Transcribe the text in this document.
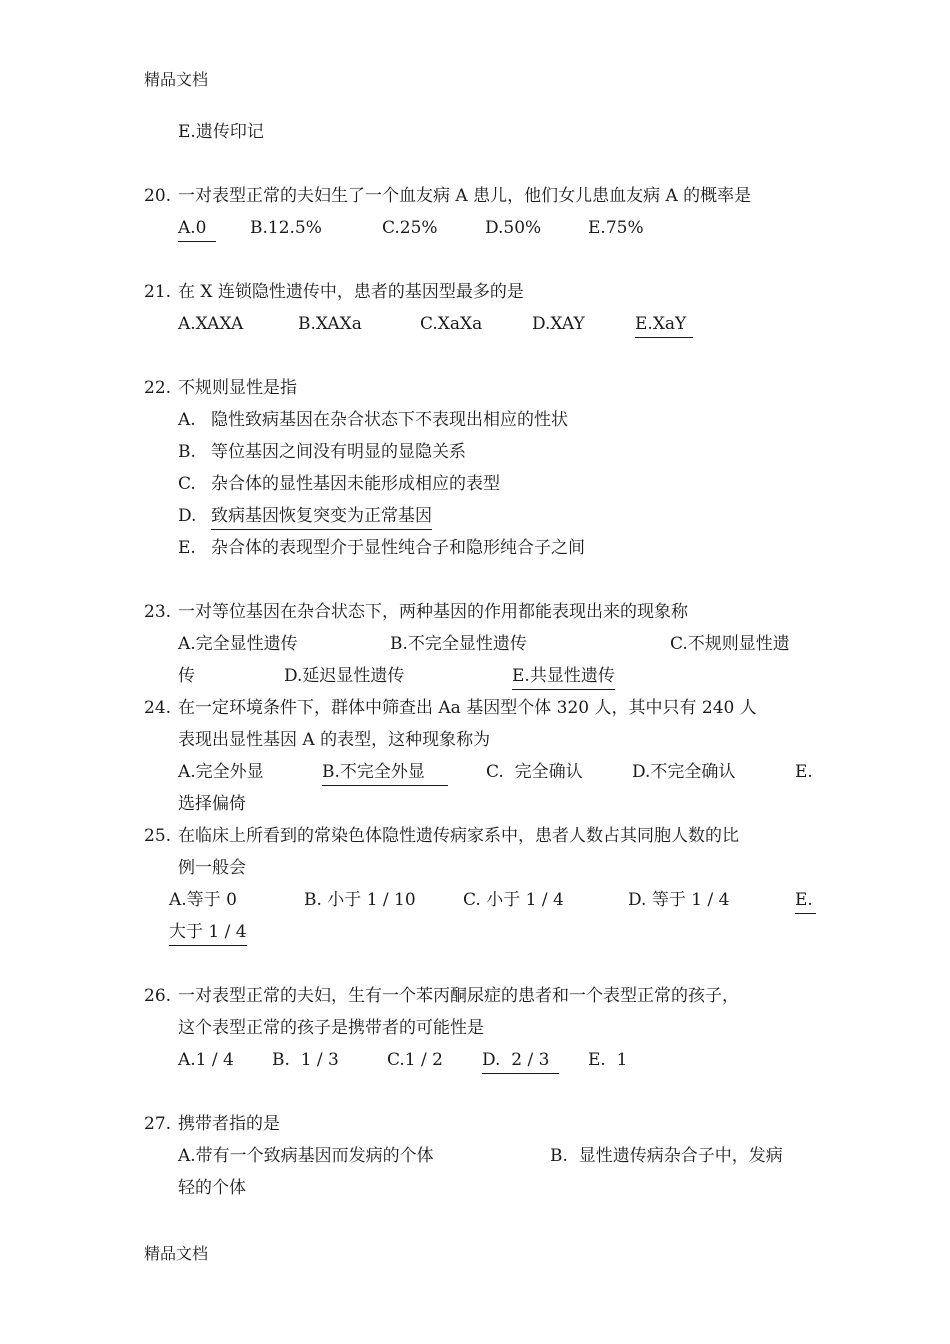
精品文档
E.遗传印记
20. 一对表型正常的夫妇生了一个血友病 A 患儿，他们女儿患血友病 A 的概率是
A.0	B.12.5%	C.25%	D.50%	E.75%
21. 在 X 连锁隐性遗传中，患者的基因型最多的是
A.XAXA	B.XAXa	C.XaXa	D.XAY	E.XaY
22. 不规则显性是指
A. 隐性致病基因在杂合状态下不表现出相应的性状
B. 等位基因之间没有明显的显隐关系
C. 杂合体的显性基因未能形成相应的表型
D. 致病基因恢复突变为正常基因
E. 杂合体的表现型介于显性纯合子和隐形纯合子之间
23. 一对等位基因在杂合状态下，两种基因的作用都能表现出来的现象称
A.完全显性遗传	B.不完全显性遗传	C.不规则显性遗
传	D.延迟显性遗传	E.共显性遗传
24. 在一定环境条件下，群体中筛查出 Aa 基因型个体 320 人，其中只有 240 人
表现出显性基因 A 的表型，这种现象称为
A.完全外显	B.不完全外显	C.  完全确认	D.不完全确认	E.
选择偏倚
25. 在临床上所看到的常染色体隐性遗传病家系中，患者人数占其同胞人数的比
例一般会
A.等于 0	B. 小于 1 / 10	C. 小于 1 / 4	D. 等于 1 / 4	E.
大于 1 / 4
26. 一对表型正常的夫妇，生有一个苯丙酮尿症的患者和一个表型正常的孩子，
这个表型正常的孩子是携带者的可能性是
A.1 / 4 B.  1 / 3	C.1 / 2 D.  2 / 3	E.  1
27. 携带者指的是
A.带有一个致病基因而发病的个体	B.  显性遗传病杂合子中，发病
轻的个体
精品文档
